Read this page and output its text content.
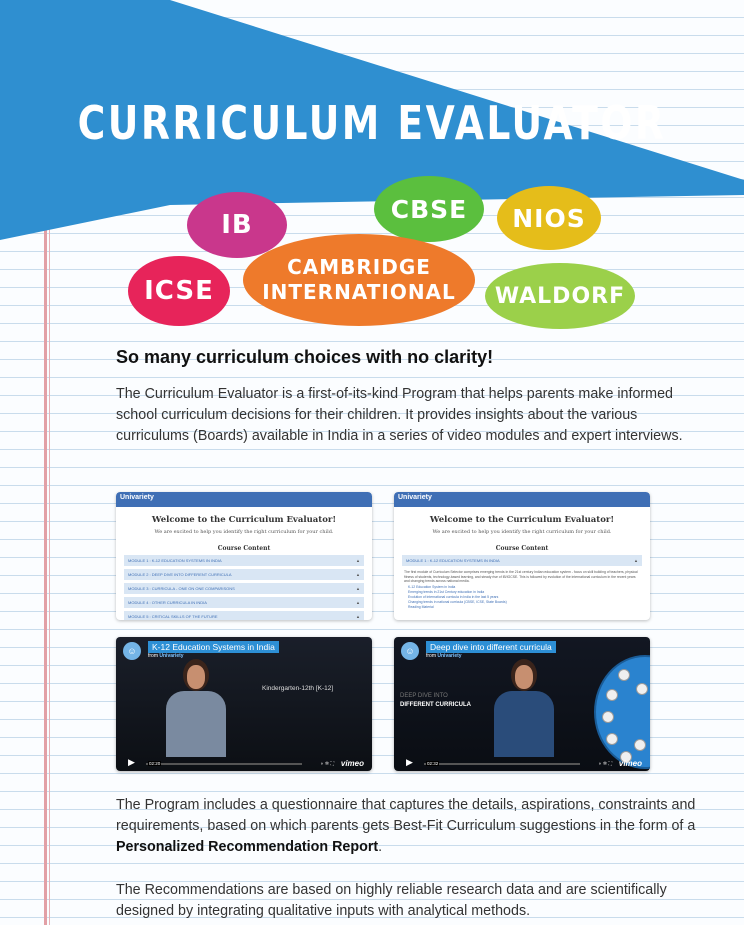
CURRICULUM EVALUATOR
IB
CBSE	NIOS
ICSE
CAMBRIDGE
INTERNATIONAL	WALDORF
So many curriculum choices with no clarity!

The Curriculum Evaluator is a first-of-its-kind Program that helps parents make informed school curriculum decisions for their children. It provides insights about the various curriculums (Boards) available in India in a series of video modules and expert interviews.

Univariety
Welcome to the Curriculum Evaluator!
We are excited to help you identify the right curriculum for your child.
Course Content
MODULE 1 : K-12 EDUCATION SYSTEMS IN INDIA ▲
MODULE 2 : DEEP DIVE INTO DIFFERENT CURRICULA ▲
MODULE 3 : CURRICULA - ONE ON ONE COMPARISONS ▲
MODULE 4 : OTHER CURRICULA IN INDIA ▲
MODULE 5 : CRITICAL SKILLS OF THE FUTURE ▲
Univariety
Welcome to the Curriculum Evaluator!
We are excited to help you identify the right curriculum for your child.
Course Content
MODULE 1 : K-12 EDUCATION SYSTEMS IN INDIA ▲
The first module of Curriculum Selector comprises emerging trends in the 21st century Indian education system - focus on skill building of teachers, physical fitness of students, technology-based learning, and steady rise of IB/IGCSE. This is followed by evolution of the international curriculum in the recent years and changing trends across national media.
K-12 Education System in India
Emerging trends in 21st Century education in India
Evolution of international curricula in India in the last 5 years
Changing trends in national curricula (CBSE, ICSE, State Boards)
Reading Material
☺	K-12 Education Systems in India
from Univariety
Kindergarten-12th [K-12]
▶	02:20	◗ ✲ ⛶ vimeo
☺	Deep dive into different curricula
from Univariety
DEEP DIVE INTO
DIFFERENT CURRICULA
▶	02:32	◗ ✲ ⛶ vimeo

The Program includes a questionnaire that captures the details, aspirations, constraints and requirements, based on which parents gets Best-Fit Curriculum suggestions in the form of a Personalized Recommendation Report.

The Recommendations are based on highly reliable research data and are scientifically designed by integrating qualitative inputs with analytical methods.
